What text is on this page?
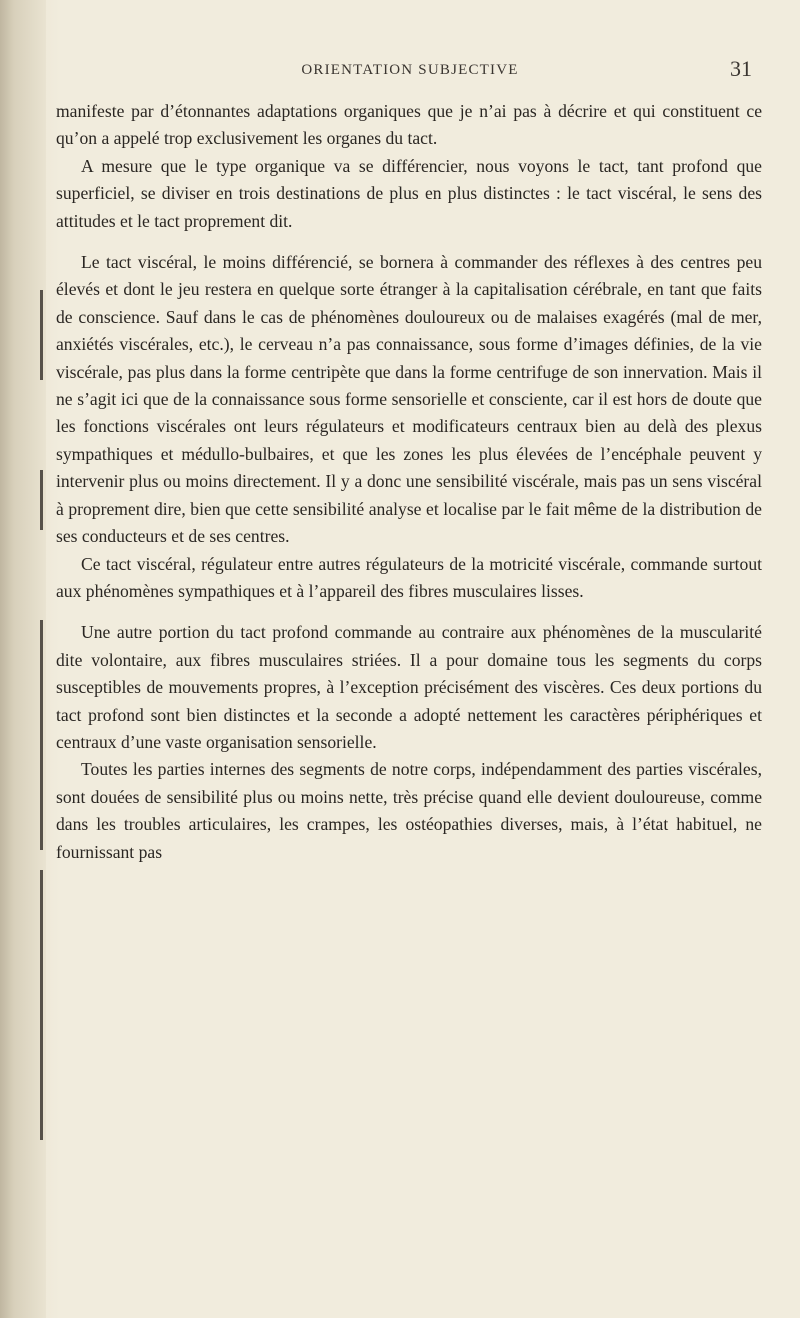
ORIENTATION SUBJECTIVE	31

manifeste par d’étonnantes adaptations organiques que je n’ai pas à décrire et qui constituent ce qu’on a appelé trop exclusivement les organes du tact.

A mesure que le type organique va se différencier, nous voyons le tact, tant profond que superficiel, se diviser en trois destinations de plus en plus distinctes : le tact viscéral, le sens des attitudes et le tact proprement dit.

Le tact viscéral, le moins différencié, se bornera à commander des réflexes à des centres peu élevés et dont le jeu restera en quelque sorte étranger à la capitalisation cérébrale, en tant que faits de conscience. Sauf dans le cas de phénomènes douloureux ou de malaises exagérés (mal de mer, anxiétés viscérales, etc.), le cerveau n’a pas connaissance, sous forme d’images définies, de la vie viscérale, pas plus dans la forme centripète que dans la forme centrifuge de son innervation. Mais il ne s’agit ici que de la connaissance sous forme sensorielle et consciente, car il est hors de doute que les fonctions viscérales ont leurs régulateurs et modificateurs centraux bien au delà des plexus sympathiques et médullo-bulbaires, et que les zones les plus élevées de l’encéphale peuvent y intervenir plus ou moins directement. Il y a donc une sensibilité viscérale, mais pas un sens viscéral à proprement dire, bien que cette sensibilité analyse et localise par le fait même de la distribution de ses conducteurs et de ses centres.

Ce tact viscéral, régulateur entre autres régulateurs de la motricité viscérale, commande surtout aux phénomènes sympathiques et à l’appareil des fibres musculaires lisses.

Une autre portion du tact profond commande au contraire aux phénomènes de la muscularité dite volontaire, aux fibres musculaires striées. Il a pour domaine tous les segments du corps susceptibles de mouvements propres, à l’exception précisément des viscères. Ces deux portions du tact profond sont bien distinctes et la seconde a adopté nettement les caractères périphériques et centraux d’une vaste organisation sensorielle.

Toutes les parties internes des segments de notre corps, indépendamment des parties viscérales, sont douées de sensibilité plus ou moins nette, très précise quand elle devient douloureuse, comme dans les troubles articulaires, les crampes, les ostéopathies diverses, mais, à l’état habituel, ne fournissant pas
